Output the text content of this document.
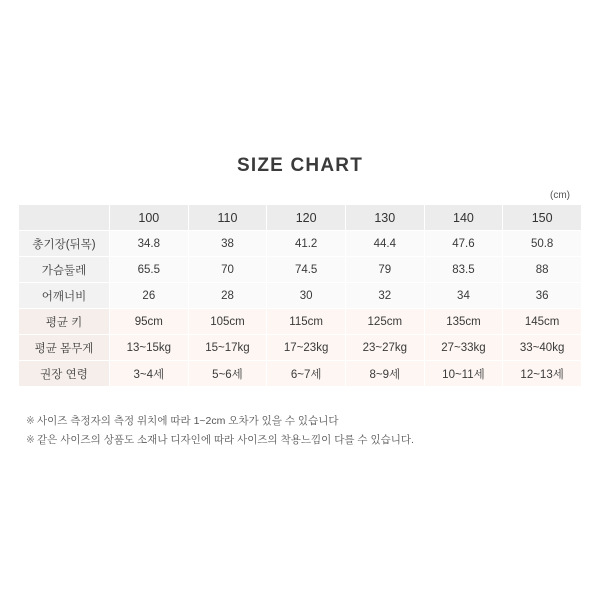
SIZE CHART
(cm)
	100	110	120	130	140	150
총기장(뒤목)	34.8	38	41.2	44.4	47.6	50.8
가슴둘레	65.5	70	74.5	79	83.5	88
어깨너비	26	28	30	32	34	36
평균 키	95cm	105cm	115cm	125cm	135cm	145cm
평균 몸무게	13~15kg	15~17kg	17~23kg	23~27kg	27~33kg	33~40kg
권장 연령	3~4세	5~6세	6~7세	8~9세	10~11세	12~13세
※ 사이즈 측정자의 측정 위치에 따라 1~2cm 오차가 있을 수 있습니다
※ 같은 사이즈의 상품도 소재나 디자인에 따라 사이즈의 착용느낌이 다를 수 있습니다.
